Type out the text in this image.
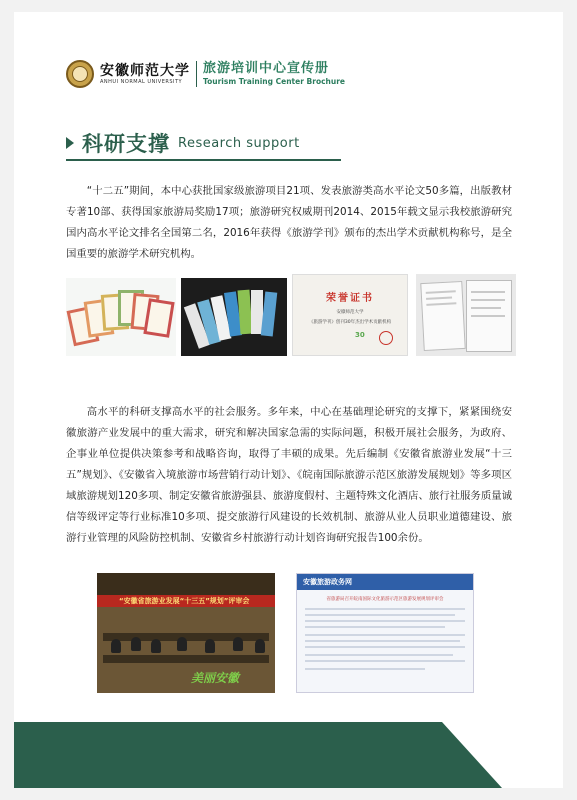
安徽师范大学
ANHUI NORMAL UNIVERSITY
旅游培训中心宣传册
Tourism Training Center Brochure
科研支撑 Research support

“十二五”期间，本中心获批国家级旅游项目21项、发表旅游类高水平论文50多篇，出版教材专著10部、获得国家旅游局奖励17项；旅游研究权威期刊2014、2015年载文显示我校旅游研究国内高水平论文排名全国第二名，2016年获得《旅游学刊》颁布的杰出学术贡献机构称号，是全国重要的旅游学术研究机构。

荣誉证书
安徽师范大学
《旅游学刊》创刊30年杰出学术贡献机构
30

高水平的科研支撑高水平的社会服务。多年来，中心在基础理论研究的支撑下，紧紧围绕安徽旅游产业发展中的重大需求，研究和解决国家急需的实际问题，积极开展社会服务，为政府、企事业单位提供决策参考和战略咨询，取得了丰硕的成果。先后编制《安徽省旅游业发展“十三五”规划》、《安徽省入境旅游市场营销行动计划》、《皖南国际旅游示范区旅游发展规划》等多项区域旅游规划120多项、制定安徽省旅游强县、旅游度假村、主题特殊文化酒店、旅行社服务质量诚信等级评定等行业标准10多项、提交旅游行风建设的长效机制、旅游从业人员职业道德建设、旅游行业管理的风险防控机制、安徽省乡村旅游行动计划咨询研究报告100余份。

“安徽省旅游业发展“十三五”规划”评审会
美丽安徽
安徽旅游政务网
省旅游局召开皖南国际文化旅游示范区旅游发展规划评审会
